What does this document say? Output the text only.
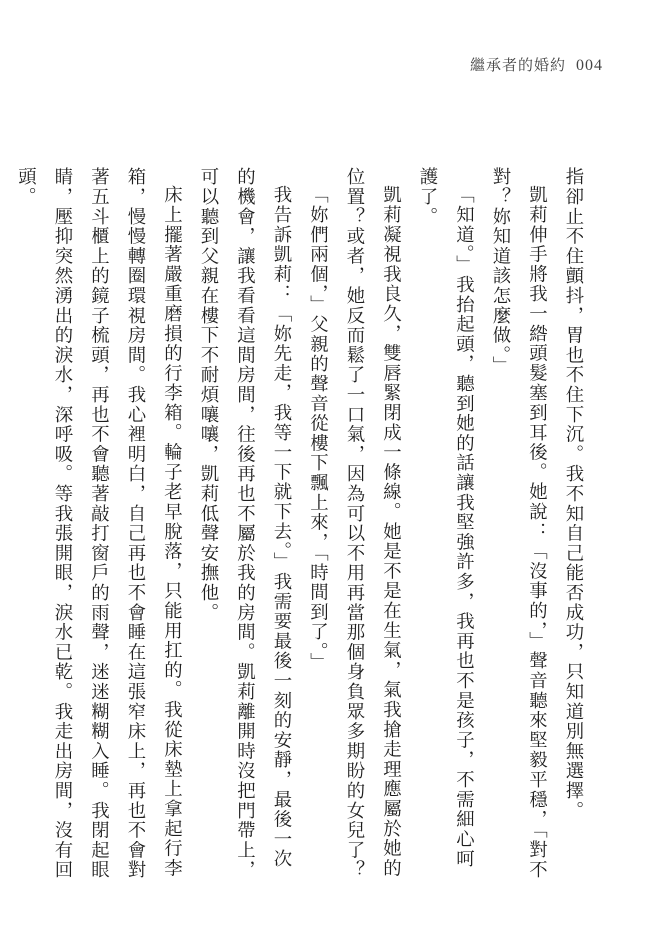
繼承者的婚約 004

指卻止不住顫抖，胃也不住下沉。我不知自己能否成功，只知道別無選擇。

凱莉伸手將我一綹頭髮塞到耳後。她說：「沒事的，」聲音聽來堅毅平穩，「對不對？妳知道該怎麼做。」

「知道。」我抬起頭，聽到她的話讓我堅強許多，我再也不是孩子，不需細心呵護了。

凱莉凝視我良久，雙唇緊閉成一條線。她是不是在生氣，氣我搶走理應屬於她的位置？或者，她反而鬆了一口氣，因為可以不用再當那個身負眾多期盼的女兒了？

「妳們兩個，」父親的聲音從樓下飄上來，「時間到了。」

我告訴凱莉：「妳先走，我等一下就下去。」我需要最後一刻的安靜，最後一次的機會，讓我看看這間房間，往後再也不屬於我的房間。凱莉離開時沒把門帶上，可以聽到父親在樓下不耐煩嚷嚷，凱莉低聲安撫他。

床上擺著嚴重磨損的行李箱。輪子老早脫落，只能用扛的。我從床墊上拿起行李箱，慢慢轉圈環視房間。我心裡明白，自己再也不會睡在這張窄床上，再也不會對著五斗櫃上的鏡子梳頭，再也不會聽著敲打窗戶的雨聲，迷迷糊糊入睡。我閉起眼睛，壓抑突然湧出的淚水，深呼吸。等我張開眼，淚水已乾。我走出房間，沒有回頭。
